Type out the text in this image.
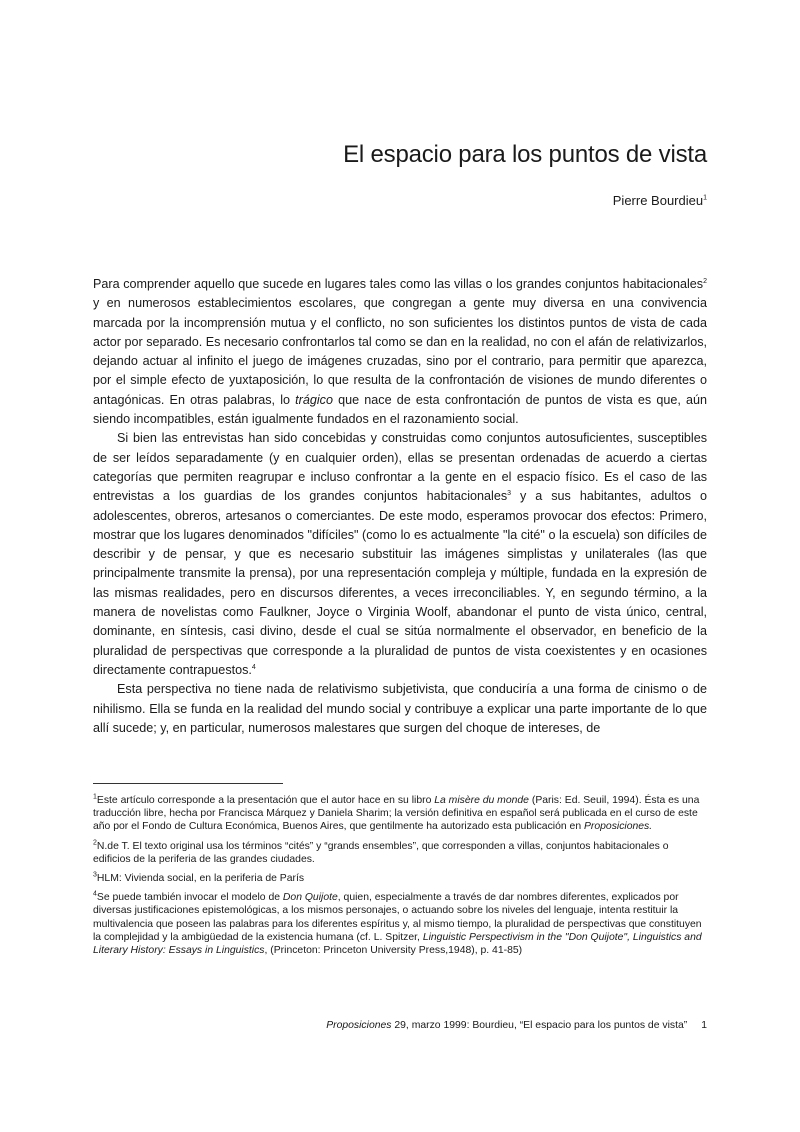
El espacio para los puntos de vista
Pierre Bourdieu$^1$

Para comprender aquello que sucede en lugares tales como las villas o los grandes conjuntos habitacionales$^2$ y en numerosos establecimientos escolares, que congregan a gente muy diversa en una convivencia marcada por la incomprensión mutua y el conflicto, no son suficientes los distintos puntos de vista de cada actor por separado. Es necesario confrontarlos tal como se dan en la realidad, no con el afán de relativizarlos, dejando actuar al infinito el juego de imágenes cruzadas, sino por el contrario, para permitir que aparezca, por el simple efecto de yuxtaposición, lo que resulta de la confrontación de visiones de mundo diferentes o antagónicas. En otras palabras, lo trágico que nace de esta confrontación de puntos de vista es que, aún siendo incompatibles, están igualmente fundados en el razonamiento social.

Si bien las entrevistas han sido concebidas y construidas como conjuntos autosuficientes, susceptibles de ser leídos separadamente (y en cualquier orden), ellas se presentan ordenadas de acuerdo a ciertas categorías que permiten reagrupar e incluso confrontar a la gente en el espacio físico. Es el caso de las entrevistas a los guardias de los grandes conjuntos habitacionales$^3$ y a sus habitantes, adultos o adolescentes, obreros, artesanos o comerciantes. De este modo, esperamos provocar dos efectos: Primero, mostrar que los lugares denominados "difíciles" (como lo es actualmente "la cité" o la escuela) son difíciles de describir y de pensar, y que es necesario substituir las imágenes simplistas y unilaterales (las que principalmente transmite la prensa), por una representación compleja y múltiple, fundada en la expresión de las mismas realidades, pero en discursos diferentes, a veces irreconciliables. Y, en segundo término, a la manera de novelistas como Faulkner, Joyce o Virginia Woolf, abandonar el punto de vista único, central, dominante, en síntesis, casi divino, desde el cual se sitúa normalmente el observador, en beneficio de la pluralidad de perspectivas que corresponde a la pluralidad de puntos de vista coexistentes y en ocasiones directamente contrapuestos.$^4$

Esta perspectiva no tiene nada de relativismo subjetivista, que conduciría a una forma de cinismo o de nihilismo. Ella se funda en la realidad del mundo social y contribuye a explicar una parte importante de lo que allí sucede; y, en particular, numerosos malestares que surgen del choque de intereses, de

$^1$Este artículo corresponde a la presentación que el autor hace en su libro La misère du monde (Paris: Ed. Seuil, 1994). Ésta es una traducción libre, hecha por Francisca Márquez y Daniela Sharim; la versión definitiva en español será publicada en el curso de este año por el Fondo de Cultura Económica, Buenos Aires, que gentilmente ha autorizado esta publicación en Proposiciones.

$^2$N.de T. El texto original usa los términos “cités” y “grands ensembles”, que corresponden a villas, conjuntos habitacionales o edificios de la periferia de las grandes ciudades.

$^3$HLM: Vivienda social, en la periferia de París

$^4$Se puede también invocar el modelo de Don Quijote, quien, especialmente a través de dar nombres diferentes, explicados por diversas justificaciones epistemológicas, a los mismos personajes, o actuando sobre los niveles del lenguaje, intenta restituir la multivalencia que poseen las palabras para los diferentes espíritus y, al mismo tiempo, la pluralidad de perspectivas que constituyen la complejidad y la ambigüedad de la existencia humana (cf. L. Spitzer, Linguistic Perspectivism in the "Don Quijote", Linguistics and Literary History: Essays in Linguistics, (Princeton: Princeton University Press,1948), p. 41-85)

Proposiciones 29, marzo 1999: Bourdieu, “El espacio para los puntos de vista” 1
